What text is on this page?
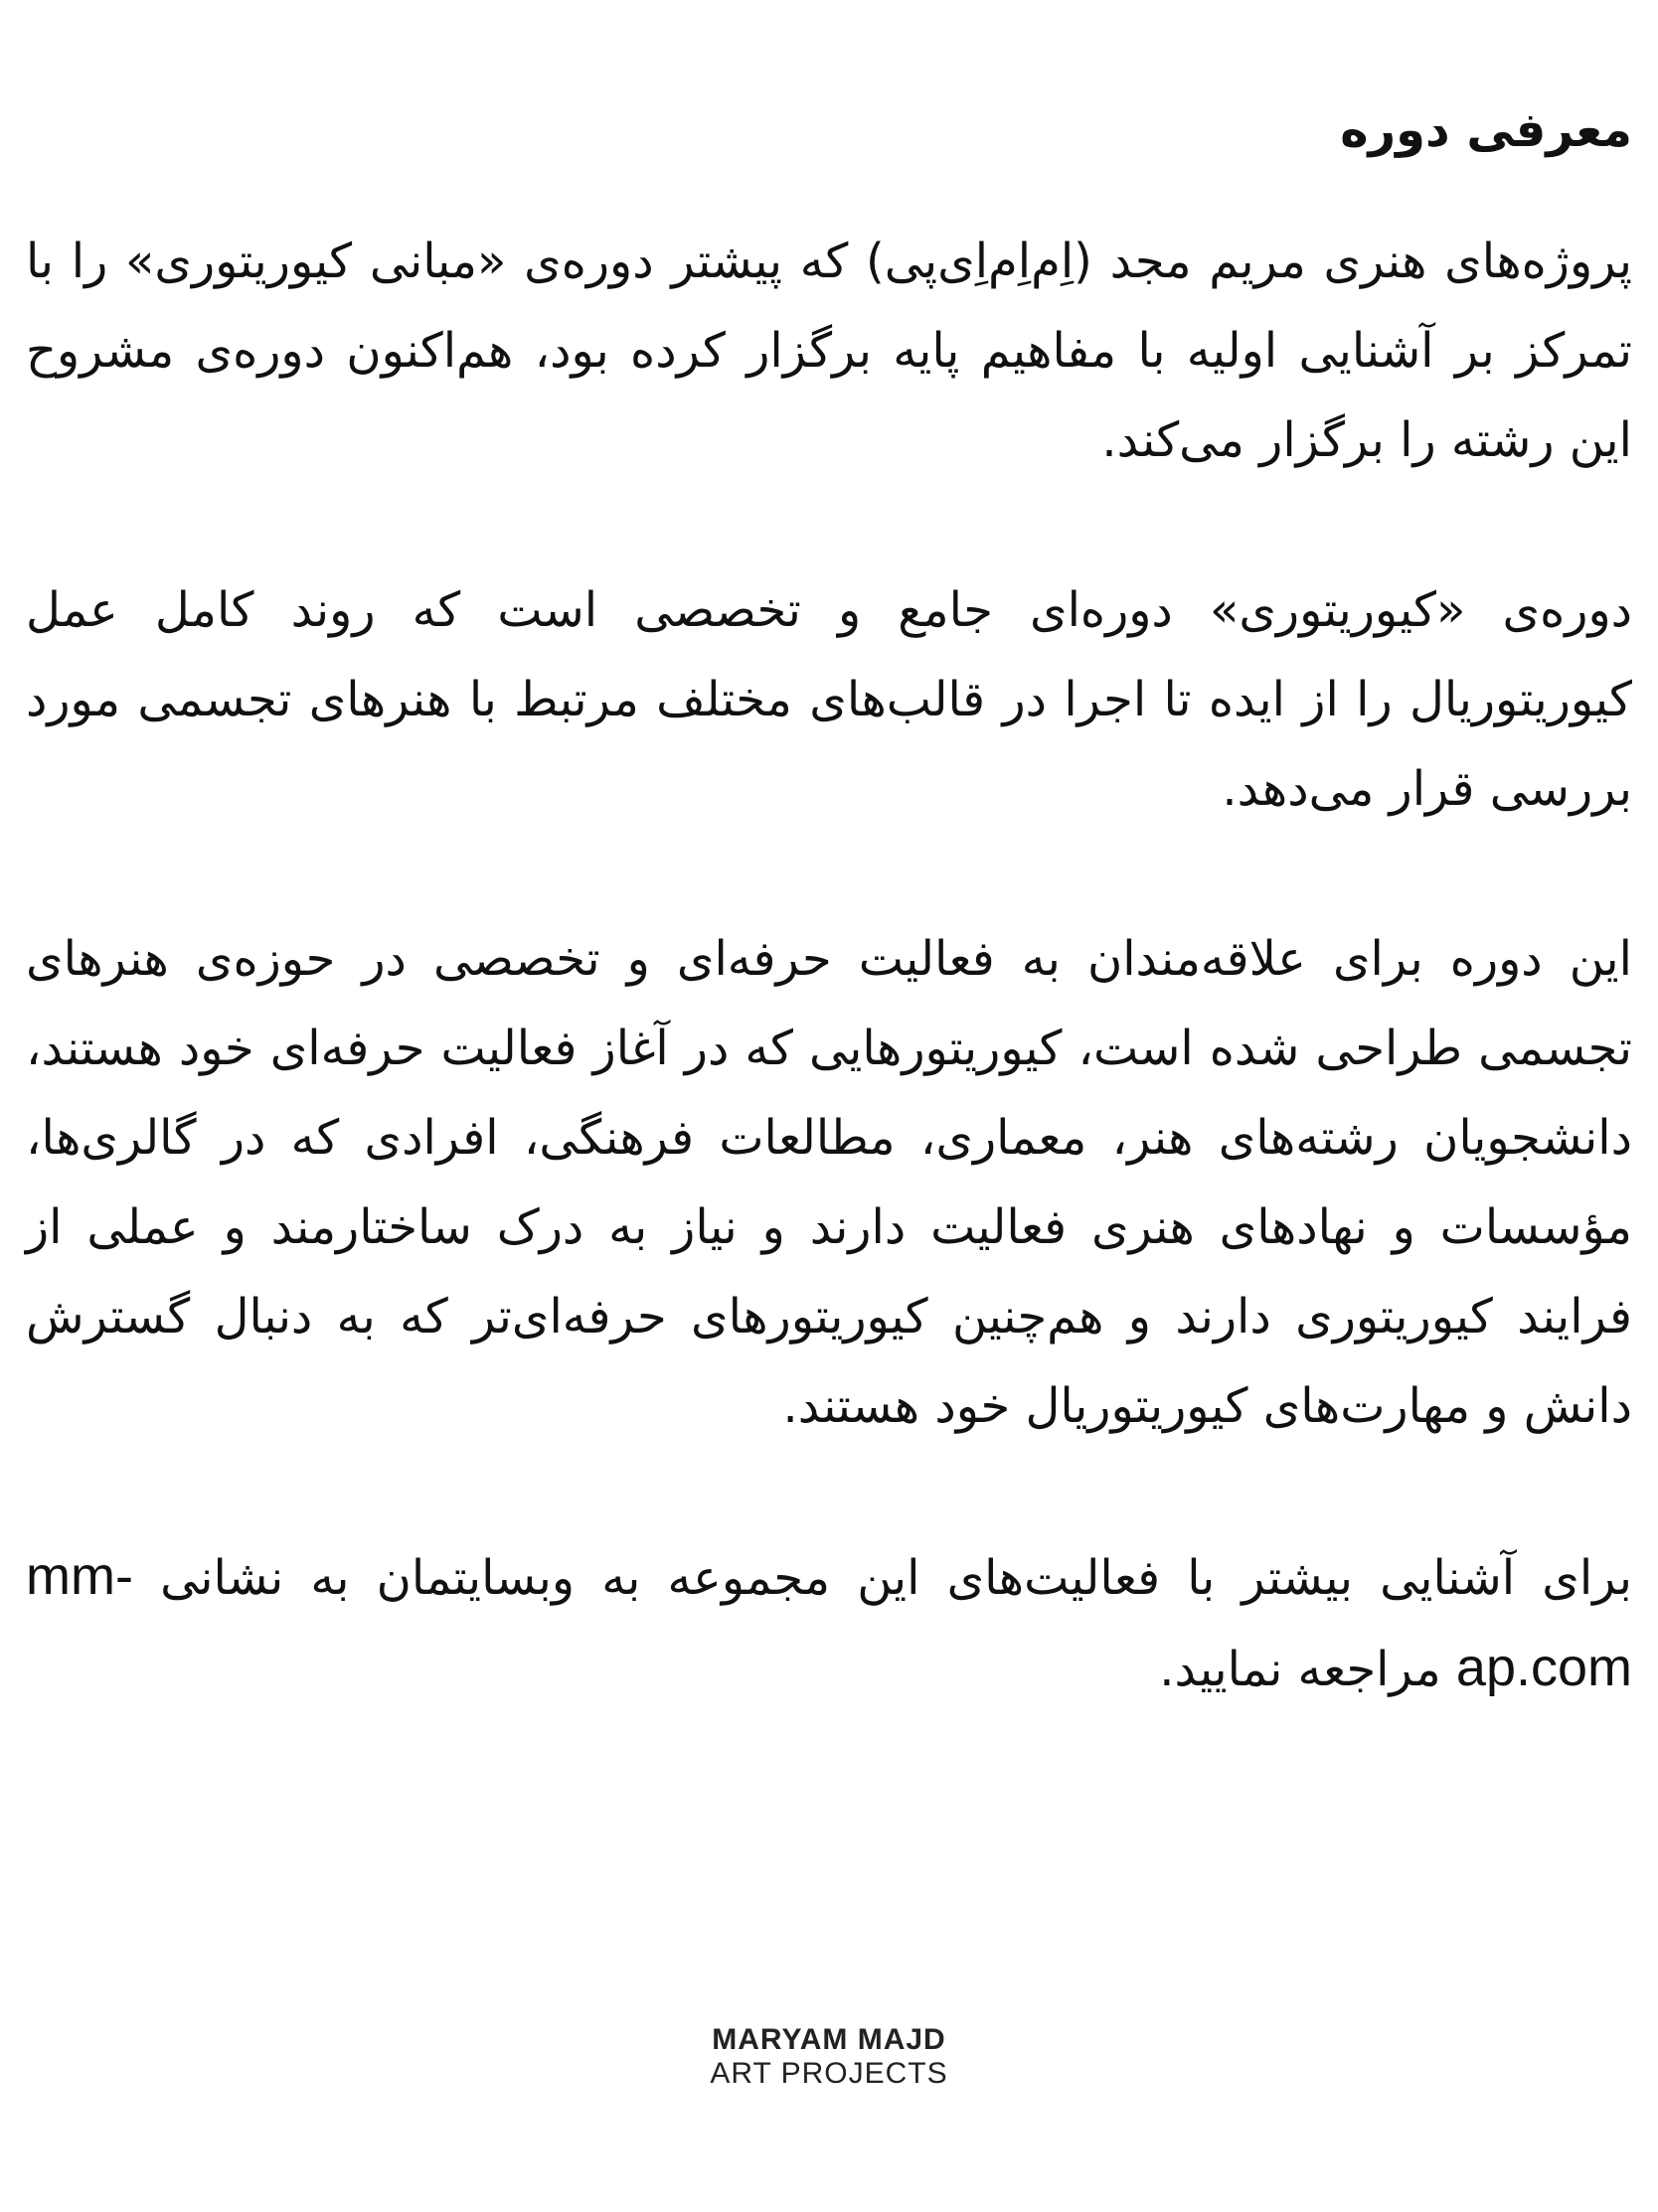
معرفی دوره

پروژه‌های هنری مریم مجد (اِم‌اِم‌اِی‌پی) که پیشتر دوره‌ی «مبانی کیوریتوری» را با تمرکز بر آشنایی اولیه با مفاهیم پایه برگزار کرده بود، هم‌اکنون دوره‌ی مشروح این رشته را برگزار می‌کند.

دوره‌ی «کیوریتوری» دوره‌ای جامع و تخصصی است که روند کامل عمل کیوریتوریال را از ایده تا اجرا در قالب‌های مختلف مرتبط با هنرهای تجسمی مورد بررسی قرار می‌دهد.

این دوره برای علاقه‌مندان به فعالیت حرفه‌ای و تخصصی در حوزه‌ی هنرهای تجسمی طراحی شده است، کیوریتورهایی که در آغاز فعالیت حرفه‌ای خود هستند، دانشجویان رشته‌های هنر، معماری، مطالعات فرهنگی، افرادی که در گالری‌ها، مؤسسات و نهادهای هنری فعالیت دارند و نیاز به درک ساختارمند و عملی از فرایند کیوریتوری دارند و هم‌چنین کیوریتورهای حرفه‌ای‌تر که به دنبال گسترش دانش و مهارت‌های کیوریتوریال خود هستند.

برای آشنایی بیشتر با فعالیت‌های این مجموعه به وبسایتمان به نشانی mm-ap.com مراجعه نمایید.

MARYAM MAJD
ART PROJECTS
